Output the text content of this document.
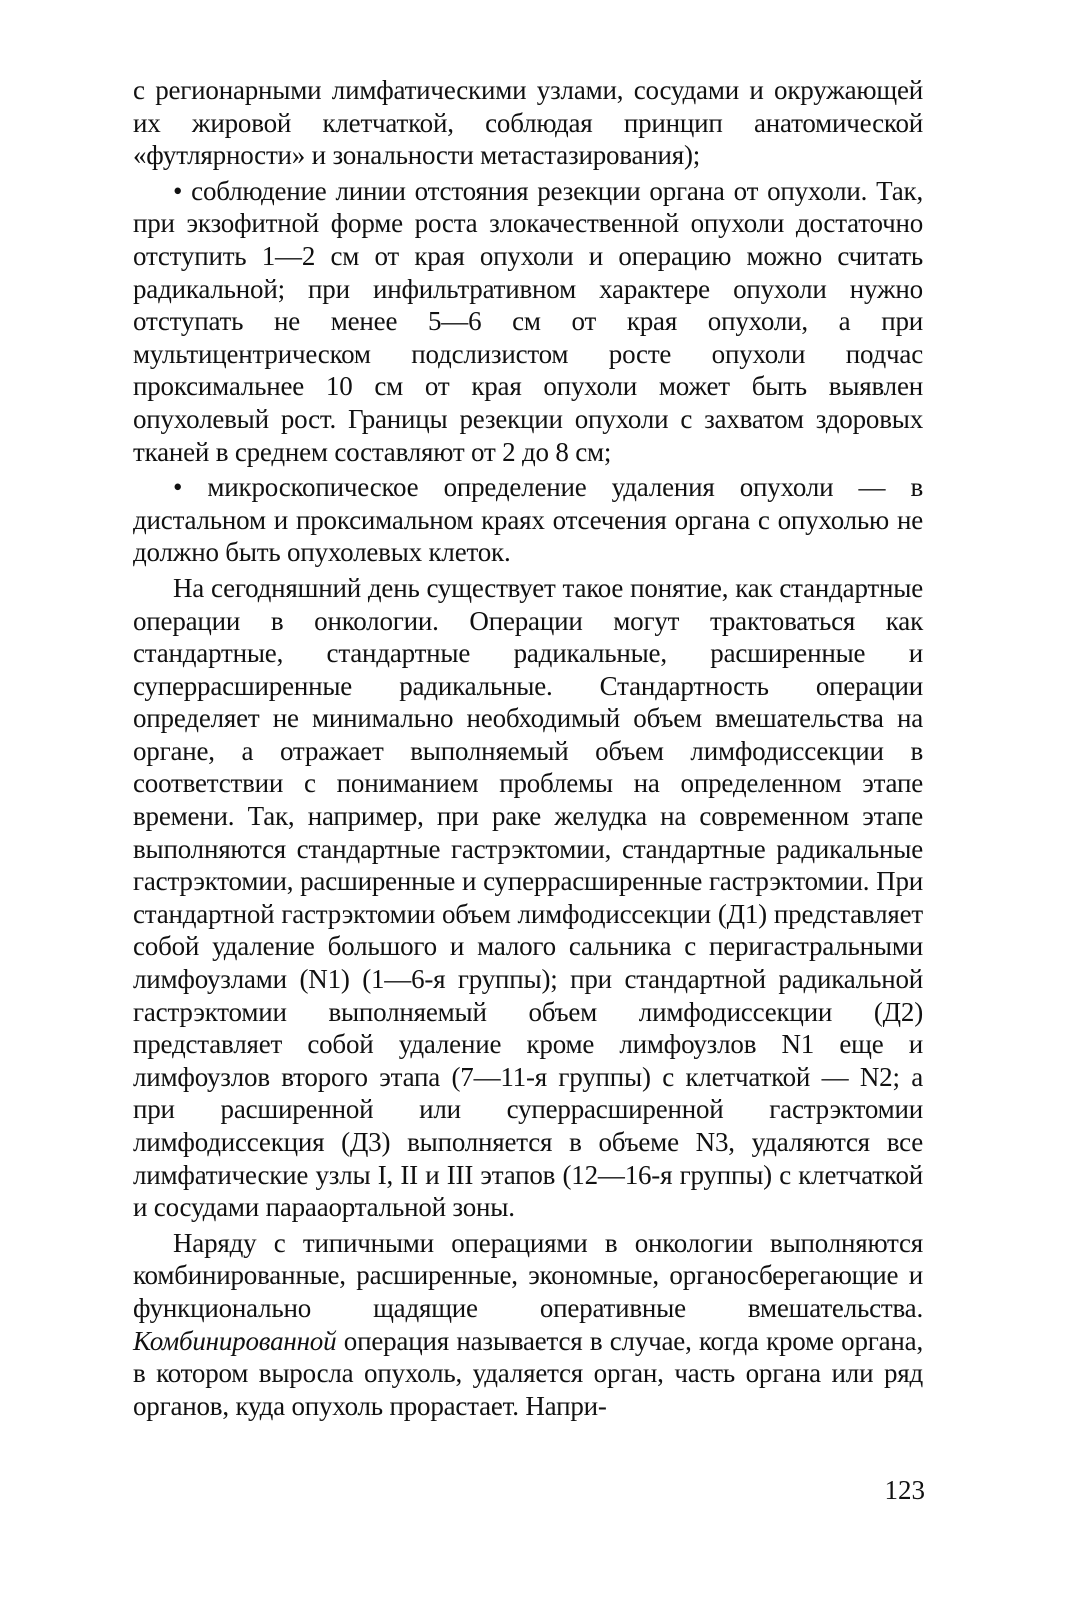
с регионарными лимфатическими узлами, сосудами и окружающей их жировой клетчаткой, соблюдая принцип анатомической «футлярности» и зональности метастазирования);

• соблюдение линии отстояния резекции органа от опухоли. Так, при экзофитной форме роста злокачественной опухоли достаточно отступить 1—2 см от края опухоли и операцию можно считать радикальной; при инфильтративном характере опухоли нужно отступать не менее 5—6 см от края опухоли, а при мультицентрическом подслизистом росте опухоли подчас проксимальнее 10 см от края опухоли может быть выявлен опухолевый рост. Границы резекции опухоли с захватом здоровых тканей в среднем составляют от 2 до 8 см;

• микроскопическое определение удаления опухоли — в дистальном и проксимальном краях отсечения органа с опухолью не должно быть опухолевых клеток.

На сегодняшний день существует такое понятие, как стандартные операции в онкологии. Операции могут трактоваться как стандартные, стандартные радикальные, расширенные и суперрасширенные радикальные. Стандартность операции определяет не минимально необходимый объем вмешательства на органе, а отражает выполняемый объем лимфодиссекции в соответствии с пониманием проблемы на определенном этапе времени. Так, например, при раке желудка на современном этапе выполняются стандартные гастрэктомии, стандартные радикальные гастрэктомии, расширенные и суперрасширенные гастрэктомии. При стандартной гастрэктомии объем лимфодиссекции (Д1) представляет собой удаление большого и малого сальника с перигастральными лимфоузлами (N1) (1—6-я группы); при стандартной радикальной гастрэктомии выполняемый объем лимфодиссекции (Д2) представляет собой удаление кроме лимфоузлов N1 еще и лимфоузлов второго этапа (7—11-я группы) с клетчаткой — N2; а при расширенной или суперрасширенной гастрэктомии лимфодиссекция (Д3) выполняется в объеме N3, удаляются все лимфатические узлы I, II и III этапов (12—16-я группы) с клетчаткой и сосудами парааортальной зоны.

Наряду с типичными операциями в онкологии выполняются комбинированные, расширенные, экономные, органосберегающие и функционально щадящие оперативные вмешательства. Комбинированной операция называется в случае, когда кроме органа, в котором выросла опухоль, удаляется орган, часть органа или ряд органов, куда опухоль прорастает. Напри-

123
